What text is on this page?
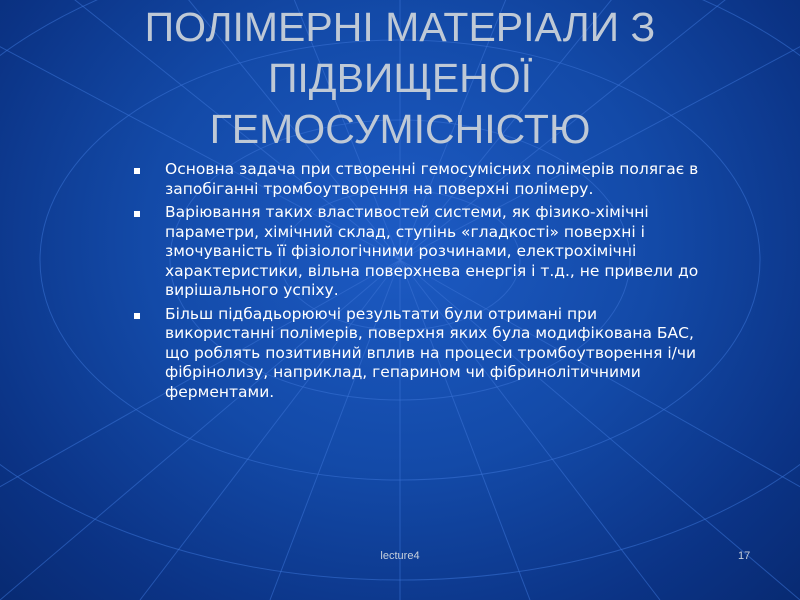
ПОЛІМЕРНІ МАТЕРІАЛИ З
ПІДВИЩЕНОЇ
ГЕМОСУМІСНІСТЮ
Основна задача при створенні гемосумісних полімерів полягає в запобіганні тромбоутворення на поверхні полімеру.
Варіювання таких властивостей системи, як фізико-хімічні параметри, хімічний склад, ступінь «гладкості» поверхні і змочуваність її фізіологічними розчинами, електрохімічні характеристики, вільна поверхнева енергія і т.д., не привели до вирішального успіху.
Більш підбадьорюючі результати були отримані при використанні полімерів, поверхня яких була модифікована БАС, що роблять позитивний вплив на процеси тромбоутворення і/чи фібрінолизу, наприклад, гепарином чи фібринолітичними ферментами.
lecture4	17
